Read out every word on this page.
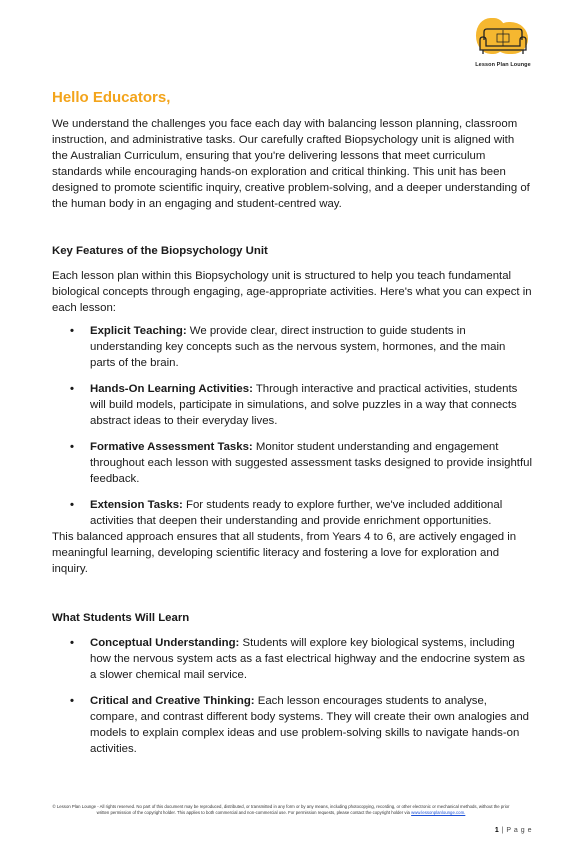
Lesson Plan Lounge
Hello Educators,

We understand the challenges you face each day with balancing lesson planning, classroom instruction, and administrative tasks. Our carefully crafted Biopsychology unit is aligned with the Australian Curriculum, ensuring that you're delivering lessons that meet curriculum standards while encouraging hands-on exploration and critical thinking. This unit has been designed to promote scientific inquiry, creative problem-solving, and a deeper understanding of the human body in an engaging and student-centred way.

Key Features of the Biopsychology Unit

Each lesson plan within this Biopsychology unit is structured to help you teach fundamental biological concepts through engaging, age-appropriate activities. Here's what you can expect in each lesson:

• Explicit Teaching: We provide clear, direct instruction to guide students in understanding key concepts such as the nervous system, hormones, and the main parts of the brain.
• Hands-On Learning Activities: Through interactive and practical activities, students will build models, participate in simulations, and solve puzzles in a way that connects abstract ideas to their everyday lives.
• Formative Assessment Tasks: Monitor student understanding and engagement throughout each lesson with suggested assessment tasks designed to provide insightful feedback.
• Extension Tasks: For students ready to explore further, we've included additional activities that deepen their understanding and provide enrichment opportunities.

This balanced approach ensures that all students, from Years 4 to 6, are actively engaged in meaningful learning, developing scientific literacy and fostering a love for exploration and inquiry.

What Students Will Learn
• Conceptual Understanding: Students will explore key biological systems, including how the nervous system acts as a fast electrical highway and the endocrine system as a slower chemical mail service.
• Critical and Creative Thinking: Each lesson encourages students to analyse, compare, and contrast different body systems. They will create their own analogies and models to explain complex ideas and use problem-solving skills to navigate hands-on activities.
© Lesson Plan Lounge - All rights reserved. No part of this document may be reproduced, distributed, or transmitted in any form or by any means, including photocopying, recording, or other electronic or mechanical methods, without the prior written permission of the copyright holder. This applies to both commercial and non-commercial use. For permission requests, please contact the copyright holder via www.lessonplanlounge.com.
1 | P a g e
